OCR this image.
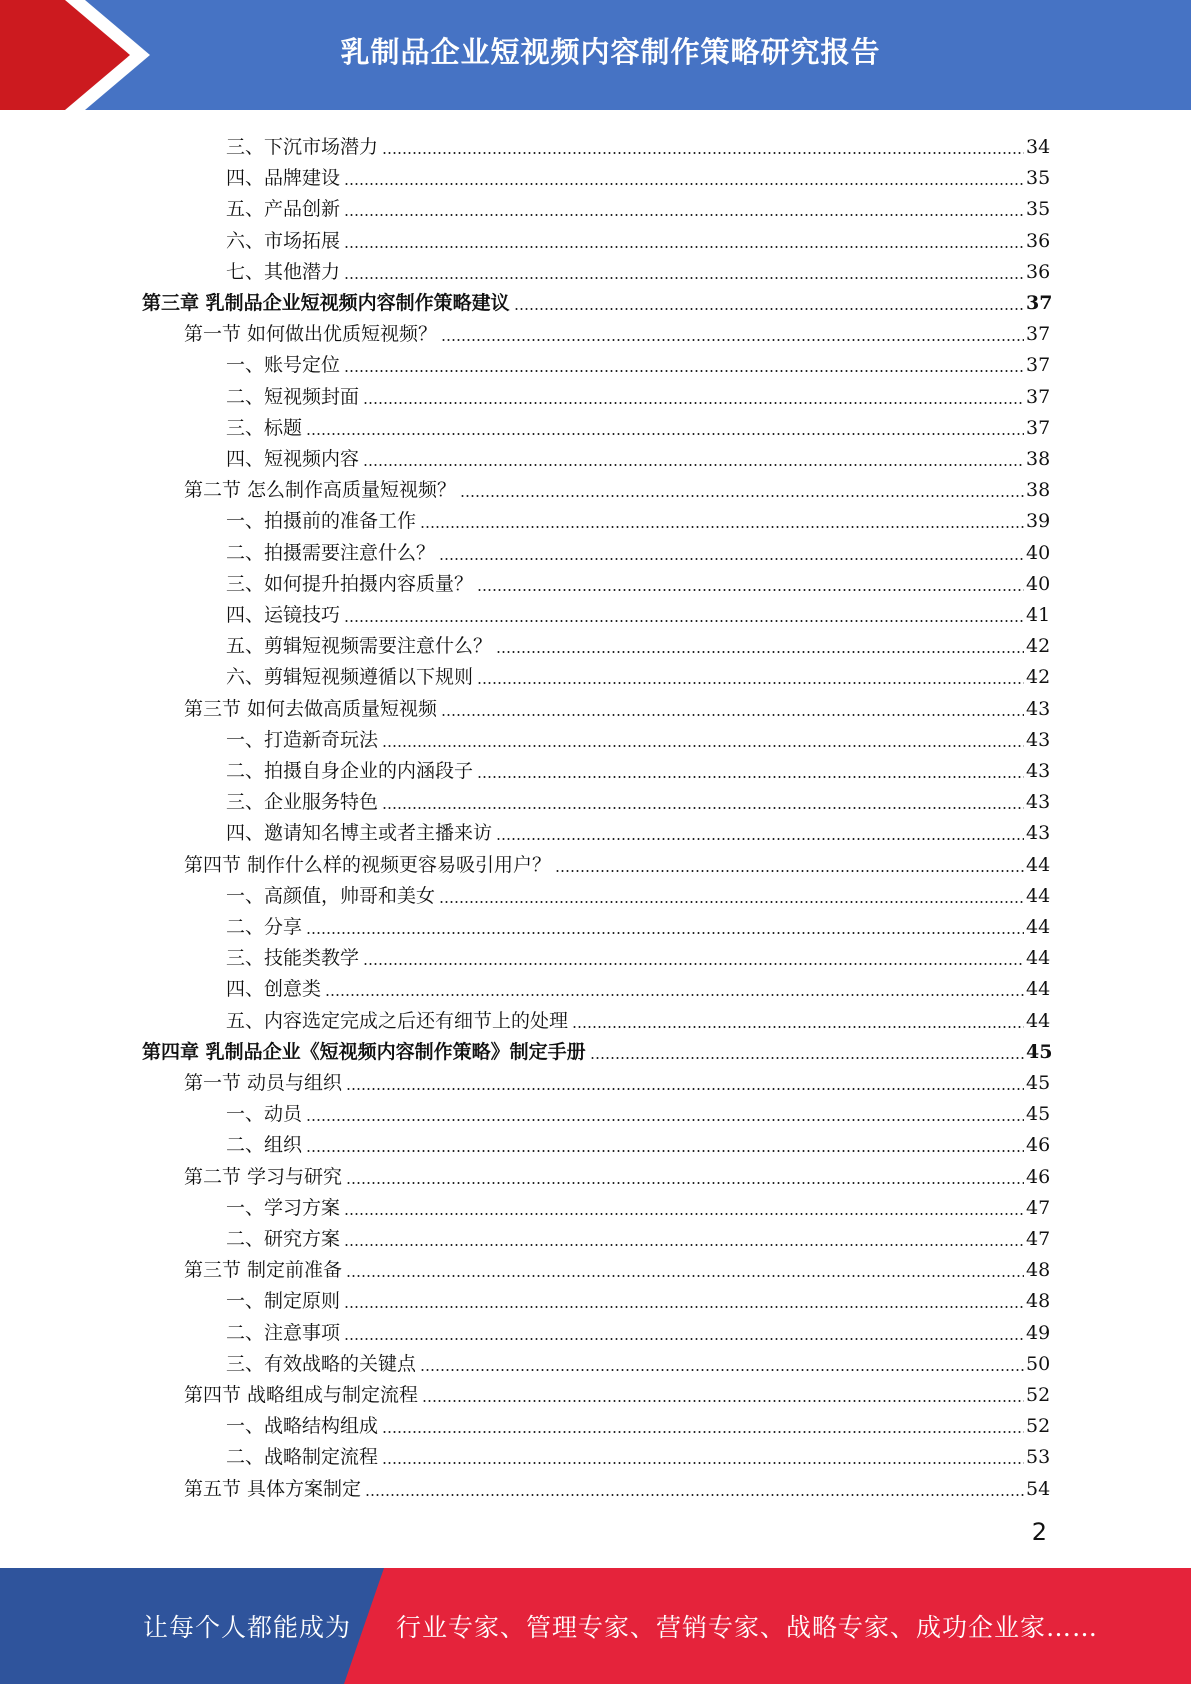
乳制品企业短视频内容制作策略研究报告
三、下沉市场潜力	34
四、品牌建设	35
五、产品创新	35
六、市场拓展	36
七、其他潜力	36
第三章 乳制品企业短视频内容制作策略建议	37
第一节 如何做出优质短视频？	37
一、账号定位	37
二、短视频封面	37
三、标题	37
四、短视频内容	38
第二节 怎么制作高质量短视频？	38
一、拍摄前的准备工作	39
二、拍摄需要注意什么？	40
三、如何提升拍摄内容质量？	40
四、运镜技巧	41
五、剪辑短视频需要注意什么？	42
六、剪辑短视频遵循以下规则	42
第三节 如何去做高质量短视频	43
一、打造新奇玩法	43
二、拍摄自身企业的内涵段子	43
三、企业服务特色	43
四、邀请知名博主或者主播来访	43
第四节 制作什么样的视频更容易吸引用户？	44
一、高颜值，帅哥和美女	44
二、分享	44
三、技能类教学	44
四、创意类	44
五、内容选定完成之后还有细节上的处理	44
第四章 乳制品企业《短视频内容制作策略》制定手册	45
第一节 动员与组织	45
一、动员	45
二、组织	46
第二节 学习与研究	46
一、学习方案	47
二、研究方案	47
第三节 制定前准备	48
一、制定原则	48
二、注意事项	49
三、有效战略的关键点	50
第四节 战略组成与制定流程	52
一、战略结构组成	52
二、战略制定流程	53
第五节 具体方案制定	54
2
让每个人都能成为 行业专家、管理专家、营销专家、战略专家、成功企业家……
